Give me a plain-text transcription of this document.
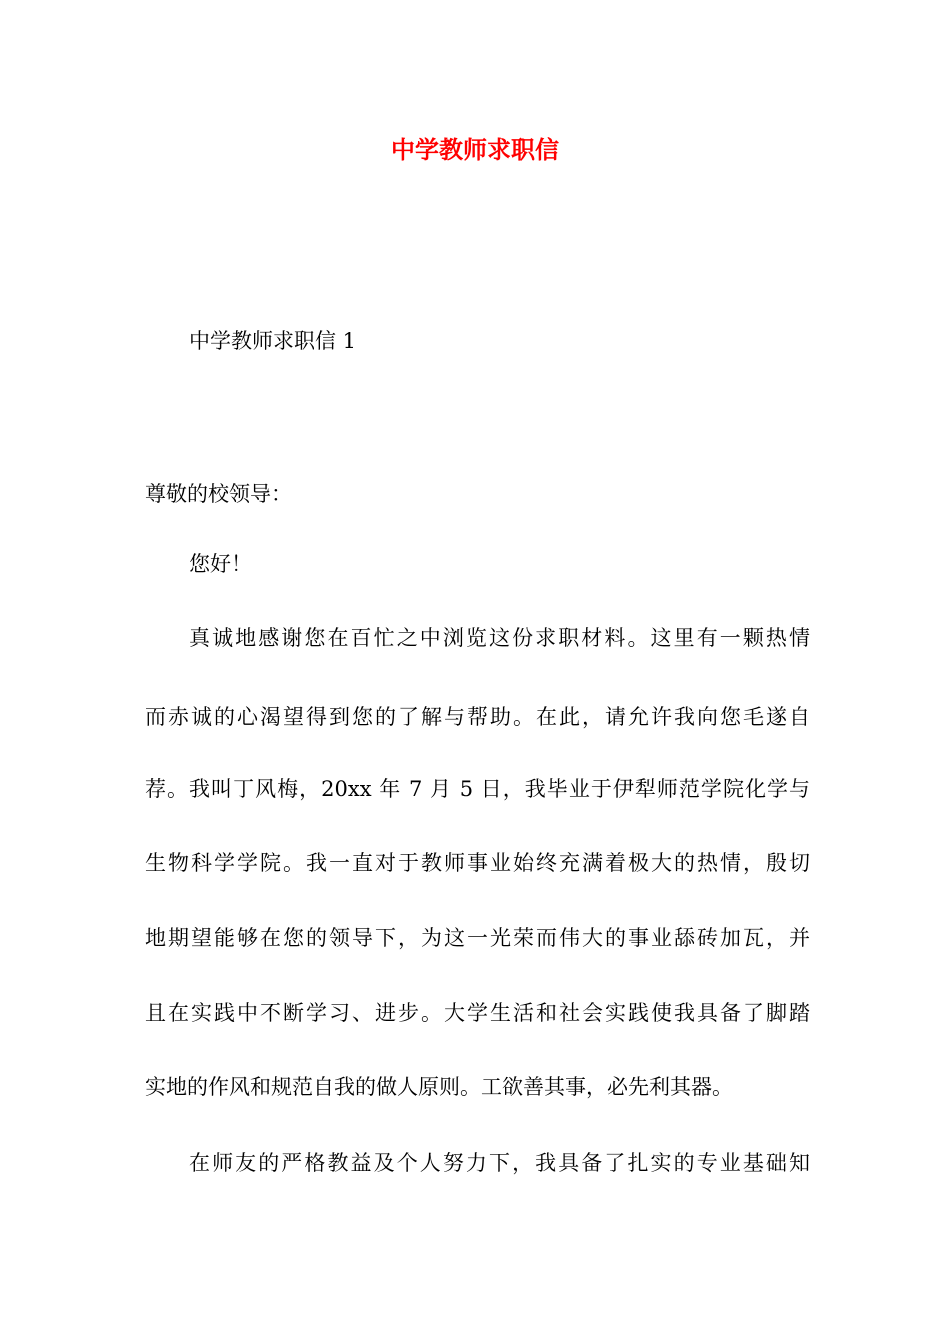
中学教师求职信

中学教师求职信 1

尊敬的校领导：

您好！

真诚地感谢您在百忙之中浏览这份求职材料。这里有一颗热情

而赤诚的心渴望得到您的了解与帮助。在此，请允许我向您毛遂自

荐。我叫丁风梅，20xx 年 7 月 5 日，我毕业于伊犁师范学院化学与

生物科学学院。我一直对于教师事业始终充满着极大的热情，殷切

地期望能够在您的领导下，为这一光荣而伟大的事业舔砖加瓦，并

且在实践中不断学习、进步。大学生活和社会实践使我具备了脚踏

实地的作风和规范自我的做人原则。工欲善其事，必先利其器。

在师友的严格教益及个人努力下，我具备了扎实的专业基础知
